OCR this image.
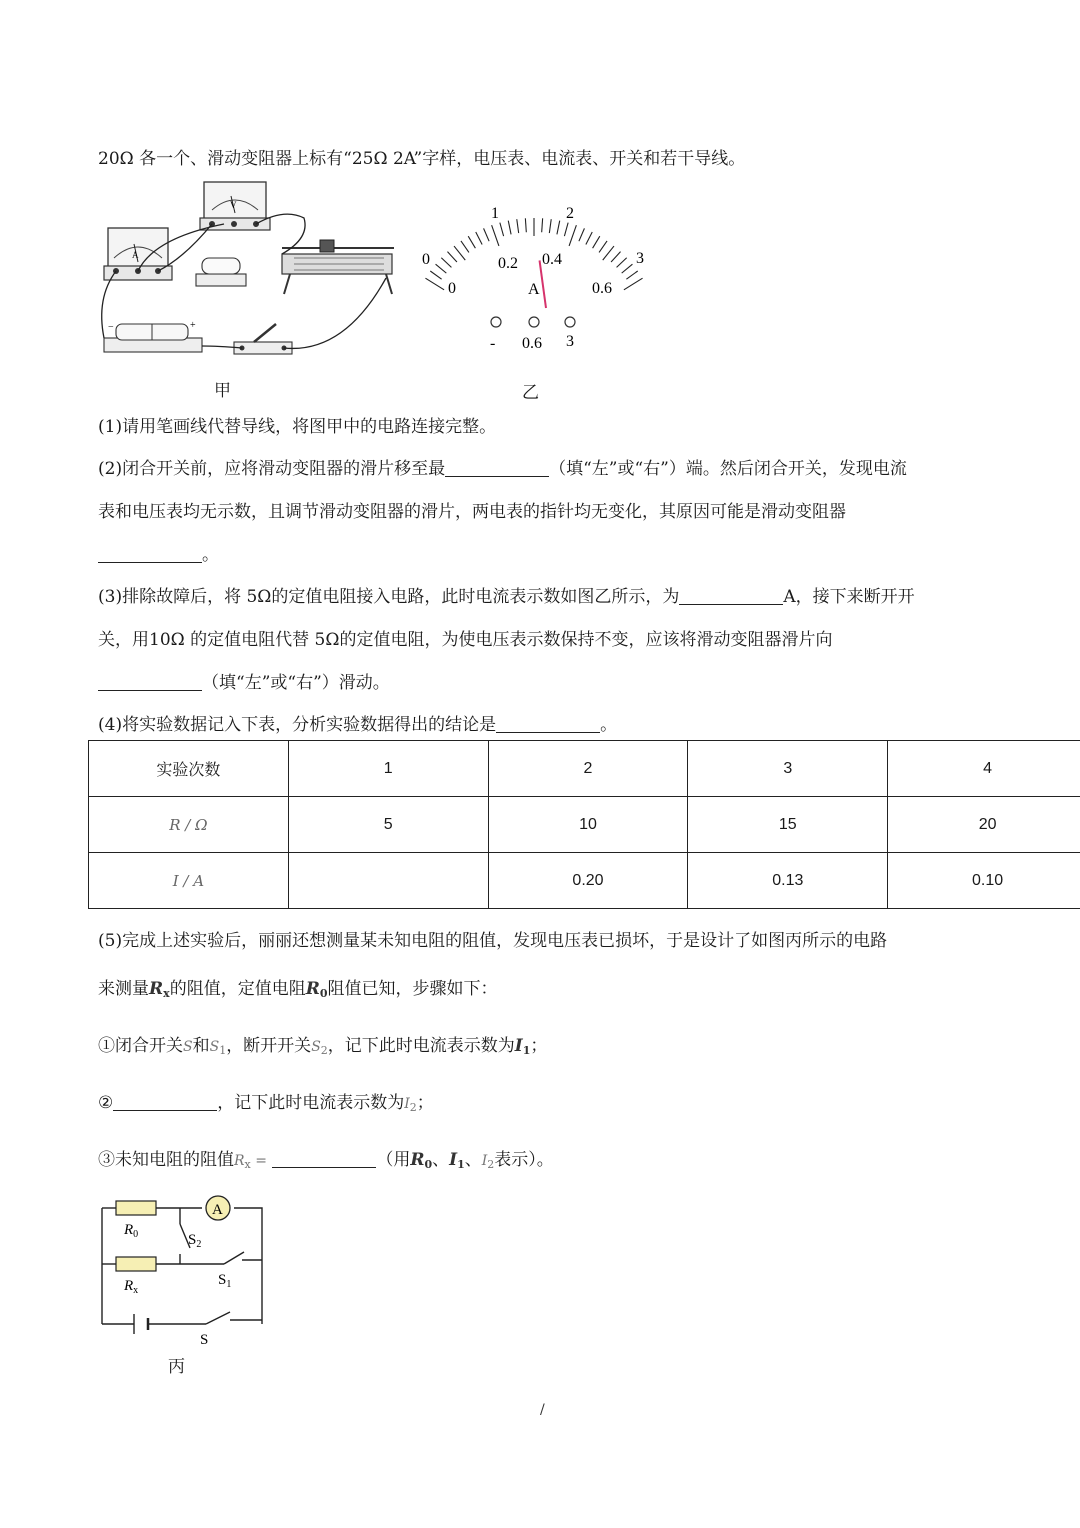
20Ω 各一个、滑动变阻器上标有“25Ω 2A”字样，电压表、电流表、开关和若干导线。
A
V
−	+
甲
1	2
0	3
0.2 0.4
0	0.6
A
- 0.6 3
乙
(1)请用笔画线代替导线，将图甲中的电路连接完整。
(2)闭合开关前，应将滑动变阻器的滑片移至最	（填“左”或“右”）端。然后闭合开关，发现电流
表和电压表均无示数，且调节滑动变阻器的滑片，两电表的指针均无变化，其原因可能是滑动变阻器
。
(3)排除故障后，将 5Ω的定值电阻接入电路，此时电流表示数如图乙所示，为	A，接下来断开开
关，用10Ω 的定值电阻代替 5Ω的定值电阻，为使电压表示数保持不变，应该将滑动变阻器滑片向
（填“左”或“右”）滑动。
(4)将实验数据记入下表，分析实验数据得出的结论是	。
实验次数	1	2	3	4
R / Ω	5	10	15	20
I / A		0.20	0.13	0.10
(5)完成上述实验后，丽丽还想测量某未知电阻的阻值，发现电压表已损坏，于是设计了如图丙所示的电路
来测量$R_x$的阻值，定值电阻$R_0$阻值已知，步骤如下：
①闭合开关S和$S_1$，断开开关$S_2$，记下此时电流表示数为$I_1$；
②	，记下此时电流表示数为$I_2$；
③未知电阻的阻值$R_x$ =	（用$R_0$、$I_1$、$I_2$表示）。
$R_0$
A
$S_2$
$R_x$
$S_1$
S
丙
/
